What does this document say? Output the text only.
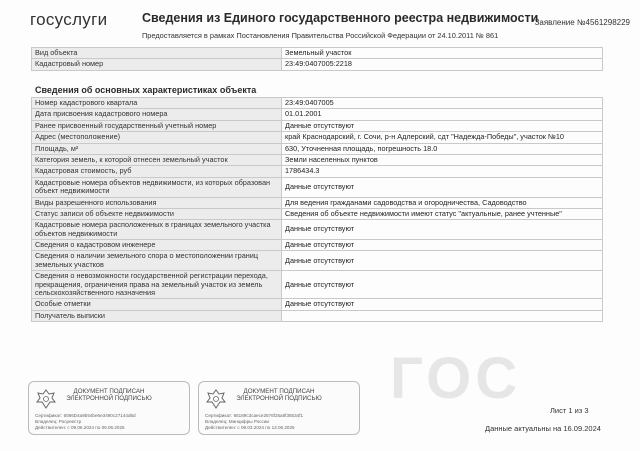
ГОС
госуслуги	Сведения из Единого государственного реестра недвижимости
Предоставляется в рамках Постановления Правительства Российской Федерации от 24.10.2011 № 861
Заявление №4561298229
Вид объекта	Земельный участок
Кадастровый номер	23:49:0407005:2218
Сведения об основных характеристиках объекта
Номер кадастрового квартала	23:49:0407005
Дата присвоения кадастрового номера	01.01.2001
Ранее присвоенный государственный учетный номер	Данные отсутствуют
Адрес (местоположение)	край Краснодарский, г. Сочи, р-н Адлерский, сдт "Надежда-Победы", участок №10
Площадь, м²	630, Уточненная площадь, погрешность 18.0
Категория земель, к которой отнесен земельный участок	Земли населенных пунктов
Кадастровая стоимость, руб	1786434.3
Кадастровые номера объектов недвижимости, из которых образован объект недвижимости	Данные отсутствуют
Виды разрешенного использования	Для ведения гражданами садоводства и огородничества, Садоводство
Статус записи об объекте недвижимости	Сведения об объекте недвижимости имеют статус "актуальные, ранее учтенные"
Кадастровые номера расположенных в границах земельного участка объектов недвижимости	Данные отсутствуют
Сведения о кадастровом инженере	Данные отсутствуют
Сведения о наличии земельного спора о местоположении границ земельных участков	Данные отсутствуют
Сведения о невозможности государственной регистрации перехода, прекращения, ограничения права на земельный участок из земель сельскохозяйственного назначения	Данные отсутствуют
Особые отметки	Данные отсутствуют
Получатель выписки	
ДОКУМЕНТ ПОДПИСАН ЭЛЕКТРОННОЙ ПОДПИСЬЮ
Сертификат: 6086D4a9b54be6e3490c27144d6d
Владелец: Росреестр
Действителен: с 09.06.2024 по 09.06.2025
ДОКУМЕНТ ПОДПИСАН ЭЛЕКТРОННОЙ ПОДПИСЬЮ
Сертификат: 65189c3caece2576f25a6f35534f1
Владелец: Минцифры России
Действителен: с 09.03.2024 по 13.06.2025
Лист 1 из 3
Данные актуальны на 16.09.2024
